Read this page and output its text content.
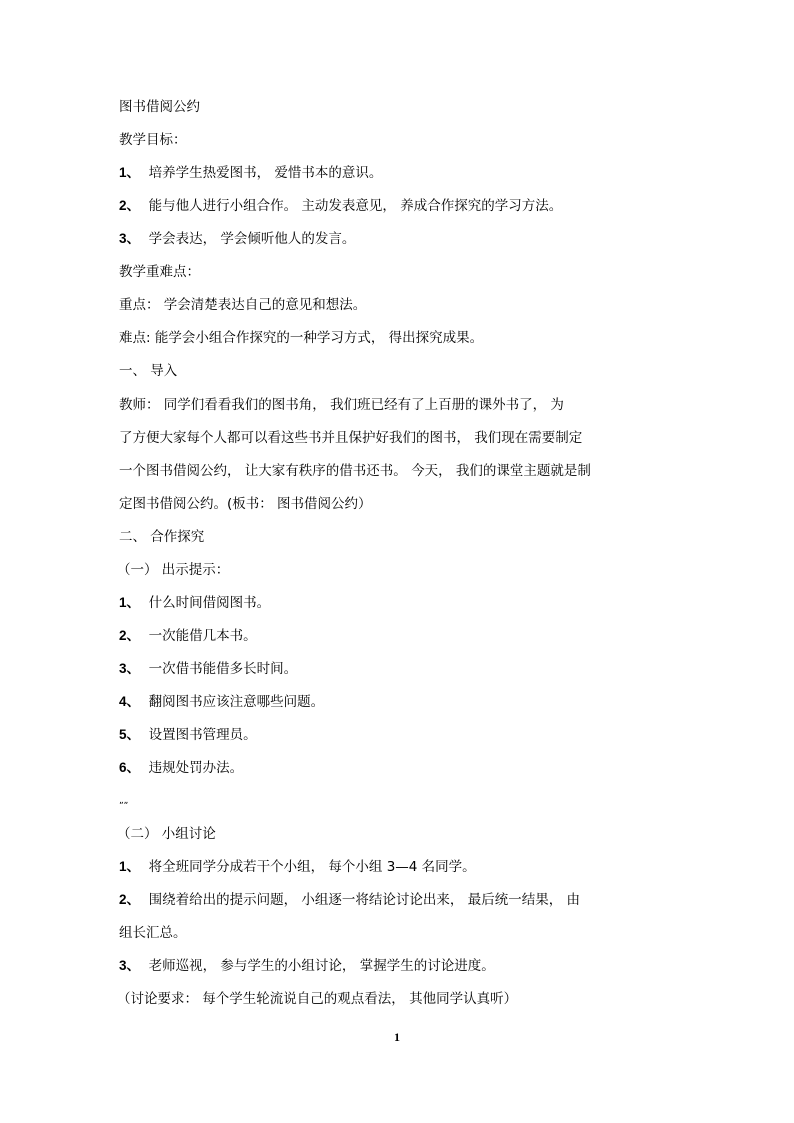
图书借阅公约
教学目标：
1、 培养学生热爱图书， 爱惜书本的意识。
2、 能与他人进行小组合作。 主动发表意见， 养成合作探究的学习方法。
3、 学会表达， 学会倾听他人的发言。
教学重难点：
重点： 学会清楚表达自己的意见和想法。
难点: 能学会小组合作探究的一种学习方式， 得出探究成果。
一、 导入
教师： 同学们看看我们的图书角， 我们班已经有了上百册的课外书了， 为
了方便大家每个人都可以看这些书并且保护好我们的图书， 我们现在需要制定
一个图书借阅公约， 让大家有秩序的借书还书。 今天， 我们的课堂主题就是制
定图书借阅公约。(板书： 图书借阅公约）
二、 合作探究
（一） 出示提示：
1、 什么时间借阅图书。
2、 一次能借几本书。
3、 一次借书能借多长时间。
4、 翻阅图书应该注意哪些问题。
5、 设置图书管理员。
6、 违规处罚办法。
„„
（二） 小组讨论
1、 将全班同学分成若干个小组， 每个小组 3—4 名同学。
2、 围绕着给出的提示问题， 小组逐一将结论讨论出来， 最后统一结果， 由
组长汇总。
3、 老师巡视， 参与学生的小组讨论， 掌握学生的讨论进度。
（讨论要求： 每个学生轮流说自己的观点看法， 其他同学认真听）
1
